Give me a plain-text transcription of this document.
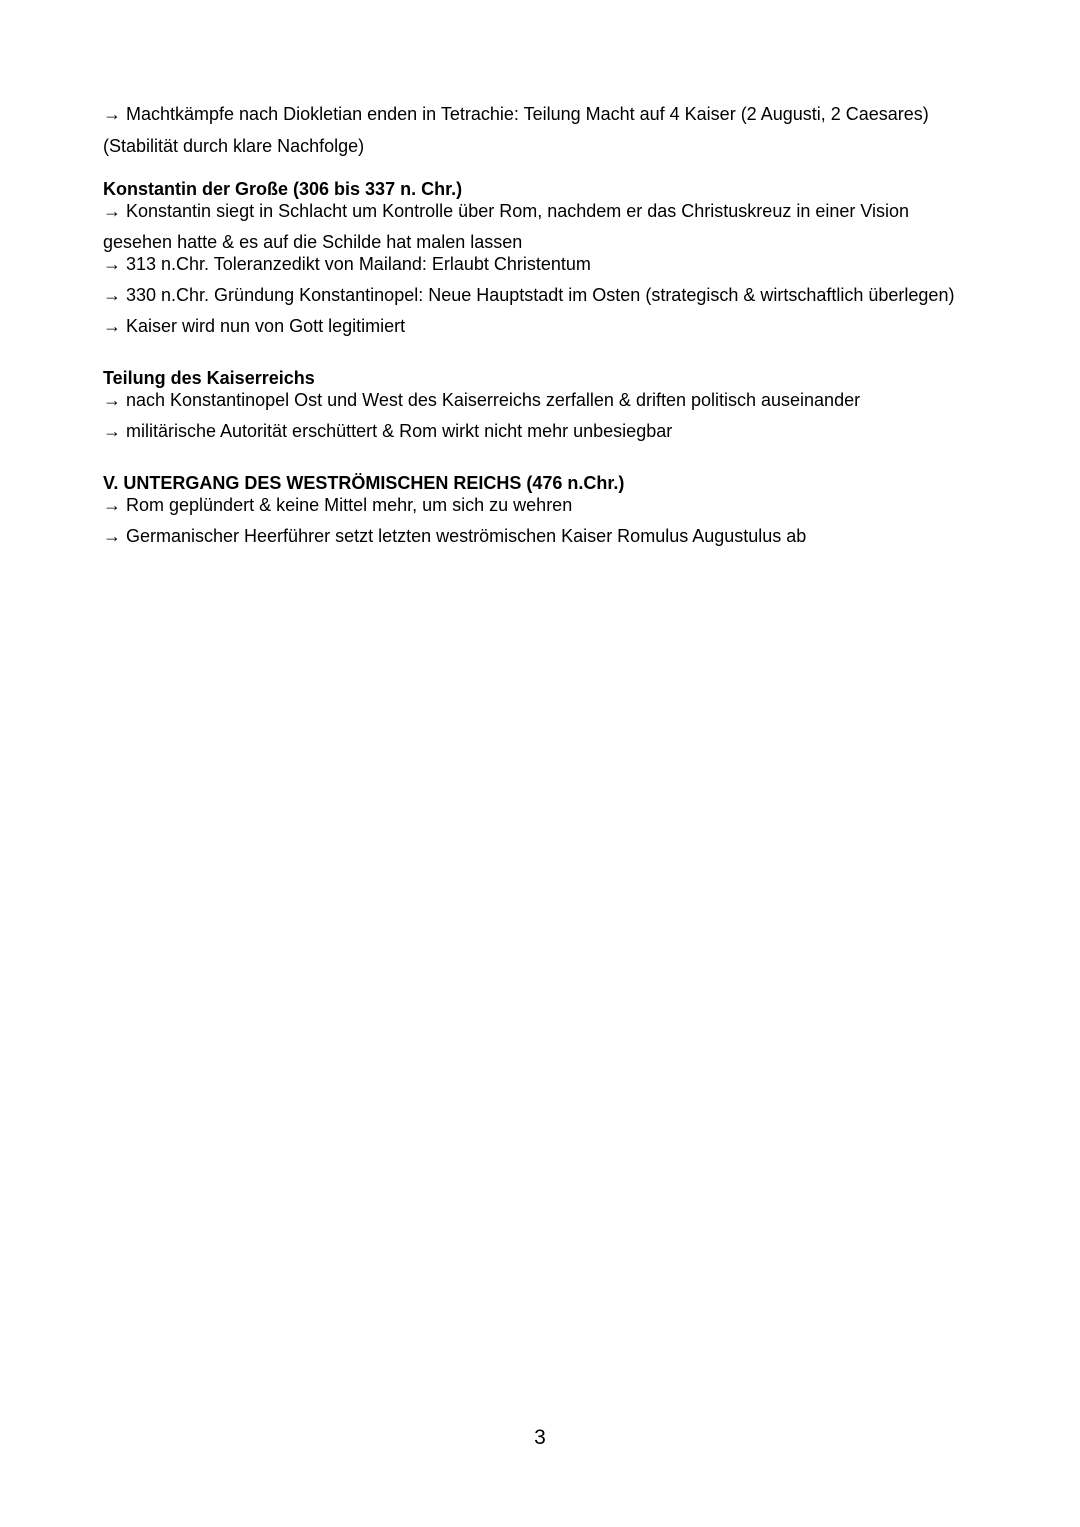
→ Machtkämpfe nach Diokletian enden in Tetrachie: Teilung Macht auf 4 Kaiser (2 Augusti, 2 Caesares)
(Stabilität durch klare Nachfolge)
Konstantin der Große (306 bis 337 n. Chr.)
→ Konstantin siegt in Schlacht um Kontrolle über Rom, nachdem er das Christuskreuz in einer Vision
gesehen hatte & es auf die Schilde hat malen lassen
→ 313 n.Chr. Toleranzedikt von Mailand: Erlaubt Christentum
→ 330 n.Chr. Gründung Konstantinopel: Neue Hauptstadt im Osten (strategisch & wirtschaftlich überlegen)
→ Kaiser wird nun von Gott legitimiert
Teilung des Kaiserreichs
→ nach Konstantinopel Ost und West des Kaiserreichs zerfallen & driften politisch auseinander
→ militärische Autorität erschüttert & Rom wirkt nicht mehr unbesiegbar
V. UNTERGANG DES WESTRÖMISCHEN REICHS (476 n.Chr.)
→ Rom geplündert & keine Mittel mehr, um sich zu wehren
→ Germanischer Heerführer setzt letzten weströmischen Kaiser Romulus Augustulus ab
3
